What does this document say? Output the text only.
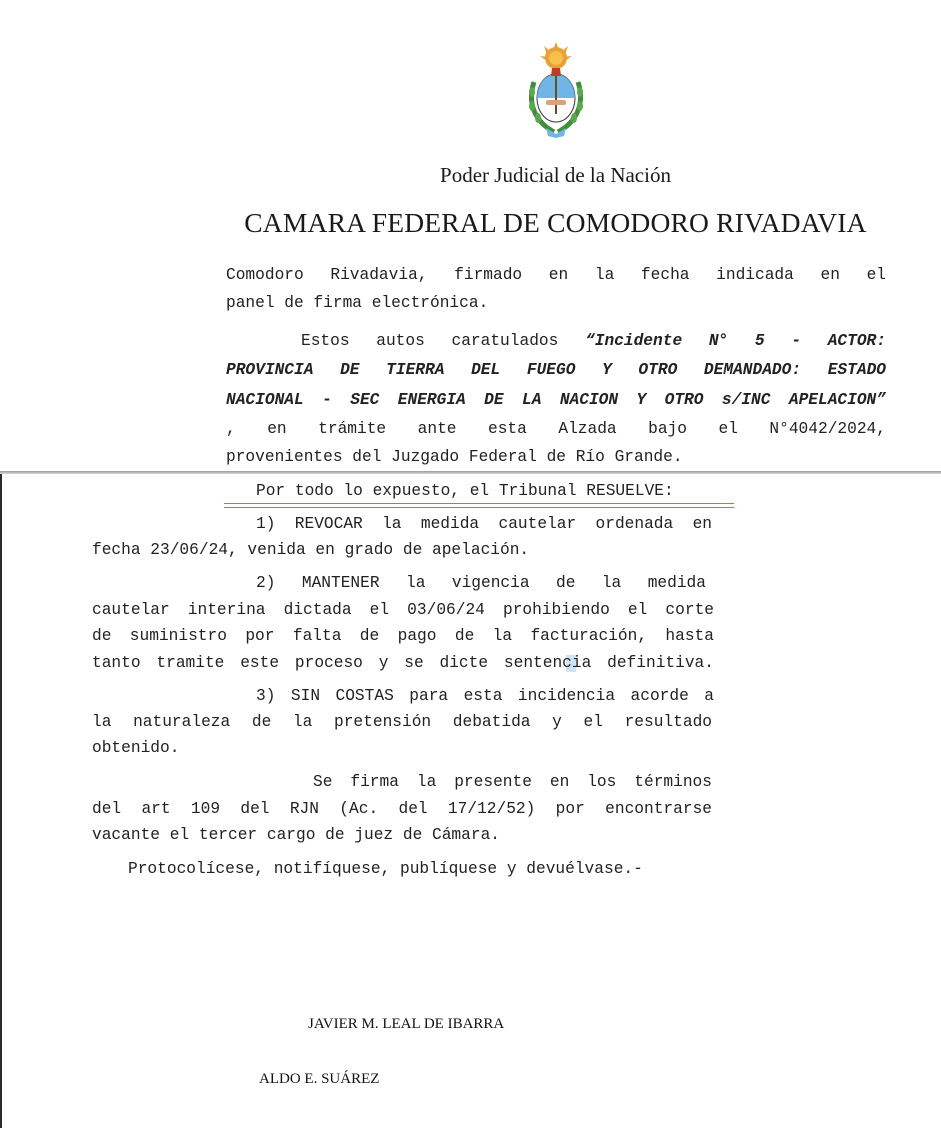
Poder Judicial de la Nación
CAMARA FEDERAL DE COMODORO RIVADAVIA
Comodoro Rivadavia, firmado en la fecha indicada en el
panel de firma electrónica.
Estos autos caratulados “Incidente N° 5 - ACTOR:
PROVINCIA DE TIERRA DEL FUEGO Y OTRO DEMANDADO: ESTADO
NACIONAL - SEC ENERGIA DE LA NACION Y OTRO s/INC APELACION”
, en trámite ante esta Alzada bajo el N°4042/2024,
provenientes del Juzgado Federal de Río Grande.
Por todo lo expuesto, el Tribunal RESUELVE:
1) REVOCAR la medida cautelar ordenada en
fecha 23/06/24, venida en grado de apelación.
2) MANTENER la vigencia de la medida
cautelar interina dictada el 03/06/24 prohibiendo el corte
de suministro por falta de pago de la facturación, hasta
tanto tramite este proceso y se dicte sentencia definitiva.
3) SIN COSTAS para esta incidencia acorde a
la naturaleza de la pretensión debatida y el resultado
obtenido.
Se firma la presente en los términos
del art 109 del RJN (Ac. del 17/12/52) por encontrarse
vacante el tercer cargo de juez de Cámara.
Protocolícese, notifíquese, publíquese y devuélvase.-
JAVIER M. LEAL DE IBARRA
ALDO E. SUÁREZ
